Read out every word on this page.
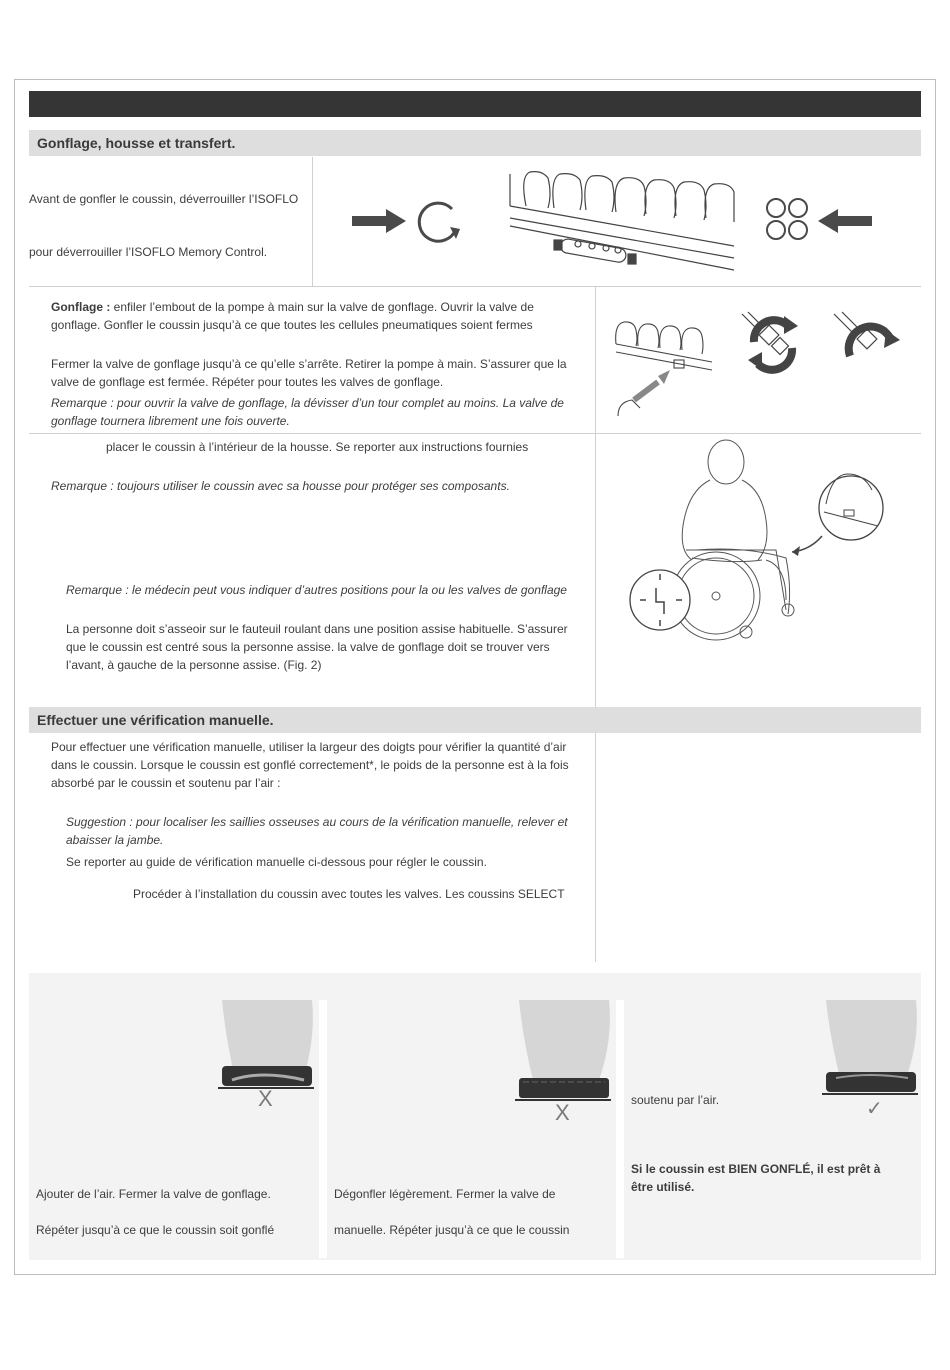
Gonflage, housse et transfert.
Avant de gonfler le coussin, déverrouiller l’ISOFLO
pour déverrouiller l’ISOFLO Memory Control.
Gonflage : enfiler l’embout de la pompe à main sur la valve de gonflage. Ouvrir la valve de gonflage. Gonfler le coussin jusqu’à ce que toutes les cellules pneumatiques soient fermes
Fermer la valve de gonflage jusqu’à ce qu’elle s’arrête. Retirer la pompe à main. S’assurer que la valve de gonflage est fermée. Répéter pour toutes les valves de gonflage.
Remarque : pour ouvrir la valve de gonflage, la dévisser d’un tour complet au moins. La valve de gonflage tournera librement une fois ouverte.
placer le coussin à l’intérieur de la housse. Se reporter aux instructions fournies
Remarque : toujours utiliser le coussin avec sa housse pour protéger ses composants.
Remarque : le médecin peut vous indiquer d’autres positions pour la ou les valves de gonflage
La personne doit s’asseoir sur le fauteuil roulant dans une position assise habituelle. S’assurer que le coussin est centré sous la personne assise. la valve de gonflage doit se trouver vers l’avant, à gauche de la personne assise. (Fig. 2)
Effectuer une vérification manuelle.
Pour effectuer une vérification manuelle, utiliser la largeur des doigts pour vérifier la quantité d’air dans le coussin. Lorsque le coussin est gonflé correctement*, le poids de la personne est à la fois absorbé par le coussin et soutenu par l’air :
Suggestion : pour localiser les saillies osseuses au cours de la vérification manuelle, relever et abaisser la jambe.
Se reporter au guide de vérification manuelle ci-dessous pour régler le coussin.
Procéder à l’installation du coussin avec toutes les valves. Les coussins SELECT
X
Ajouter de l’air. Fermer la valve de gonflage.
Répéter jusqu’à ce que le coussin soit gonflé
X
Dégonfler légèrement. Fermer la valve de
manuelle. Répéter jusqu’à ce que le coussin
✓
soutenu par l’air.
Si le coussin est BIEN GONFLÉ, il est prêt à être utilisé.
